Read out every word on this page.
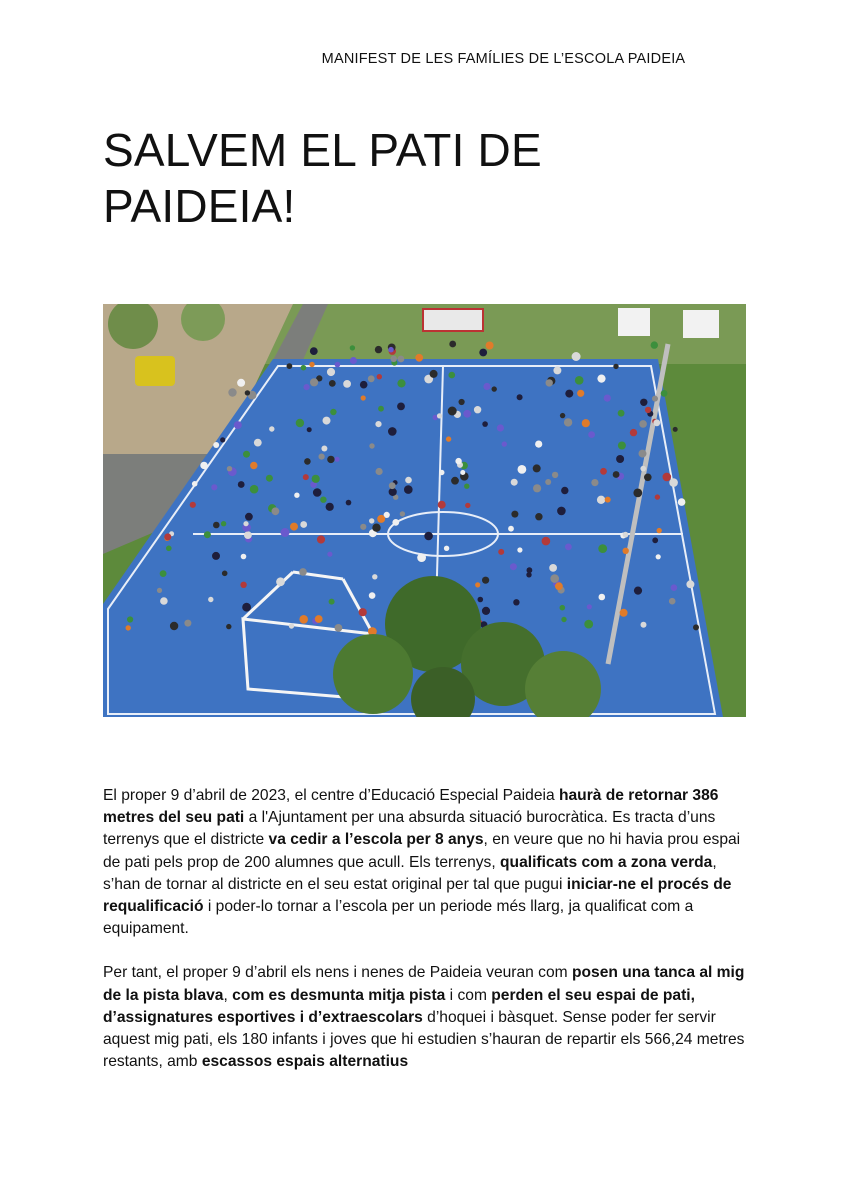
MANIFEST DE LES FAMÍLIES DE L’ESCOLA PAIDEIA
SALVEM EL PATI DE
PAIDEIA!

El proper 9 d’abril de 2023, el centre d’Educació Especial Paideia haurà de retornar 386 metres del seu pati a l'Ajuntament per una absurda situació burocràtica. Es tracta d’uns terrenys que el districte va cedir a l’escola per 8 anys, en veure que no hi havia prou espai de pati pels prop de 200 alumnes que acull. Els terrenys, qualificats com a zona verda, s’han de tornar al districte en el seu estat original per tal que pugui iniciar-ne el procés de requalificació i poder-lo tornar a l’escola per un periode més llarg, ja qualificat com a equipament.

Per tant, el proper 9 d’abril els nens i nenes de Paideia veuran com posen una tanca al mig de la pista blava, com es desmunta mitja pista i com perden el seu espai de pati, d’assignatures esportives i d’extraescolars d’hoquei i bàsquet. Sense poder fer servir aquest mig pati, els 180 infants i joves que hi estudien s’hauran de repartir els 566,24 metres restants, amb escassos espais alternatius
